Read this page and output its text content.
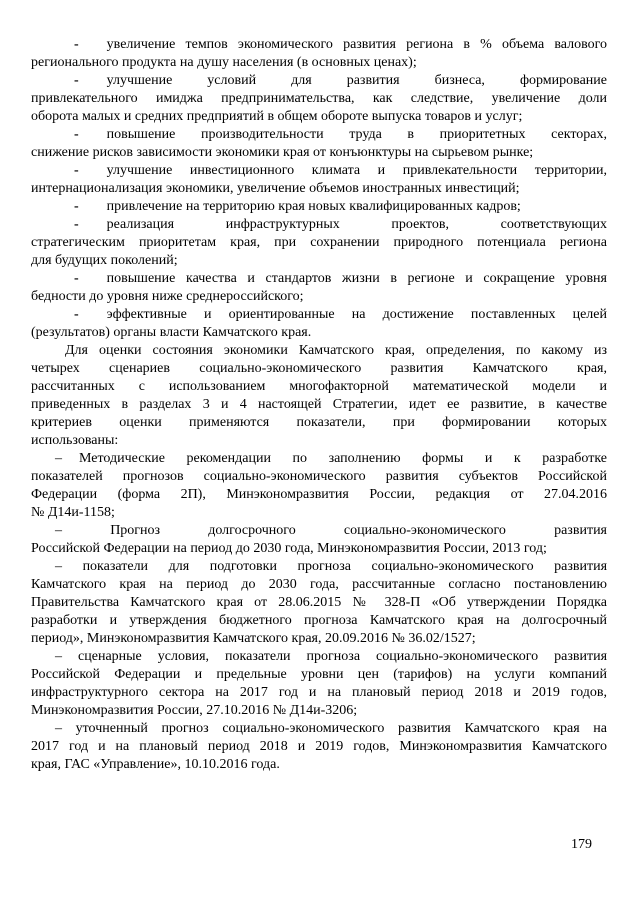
- увеличение темпов экономического развития региона в % объема валового
регионального продукта на душу населения (в основных ценах);
- улучшение условий для развития бизнеса, формирование
привлекательного имиджа предпринимательства, как следствие, увеличение доли
оборота малых и средних предприятий в общем обороте выпуска товаров и услуг;
- повышение производительности труда в приоритетных секторах,
снижение рисков зависимости экономики края от конъюнктуры на сырьевом рынке;
- улучшение инвестиционного климата и привлекательности территории,
интернационализация экономики, увеличение объемов иностранных инвестиций;
- привлечение на территорию края новых квалифицированных кадров;
- реализация инфраструктурных проектов, соответствующих
стратегическим приоритетам края, при сохранении природного потенциала региона
для будущих поколений;
- повышение качества и стандартов жизни в регионе и сокращение уровня
бедности до уровня ниже среднероссийского;
- эффективные и ориентированные на достижение поставленных целей
(результатов) органы власти Камчатского края.
Для оценки состояния экономики Камчатского края, определения, по какому из
четырех сценариев социально-экономического развития Камчатского края,
рассчитанных с использованием многофакторной математической модели и
приведенных в разделах 3 и 4 настоящей Стратегии, идет ее развитие, в качестве
критериев оценки применяются показатели, при формировании которых
использованы:
– Методические рекомендации по заполнению формы и к разработке
показателей прогнозов социально-экономического развития субъектов Российской
Федерации (форма 2П), Минэкономразвития России, редакция от 27.04.2016
№ Д14и-1158;
–	Прогноз долгосрочного социально-экономического развития
Российской Федерации на период до 2030 года, Минэкономразвития России, 2013 год;
– показатели для подготовки прогноза социально-экономического развития
Камчатского края на период до 2030 года, рассчитанные согласно постановлению
Правительства Камчатского края от 28.06.2015 № 328-П «Об утверждении Порядка
разработки и утверждения бюджетного прогноза Камчатского края на долгосрочный
период», Минэкономразвития Камчатского края, 20.09.2016 № 36.02/1527;
– сценарные условия, показатели прогноза социально-экономического развития
Российской Федерации и предельные уровни цен (тарифов) на услуги компаний
инфраструктурного сектора на 2017 год и на плановый период 2018 и 2019 годов,
Минэкономразвития России, 27.10.2016 № Д14и-3206;
– уточненный прогноз социально-экономического развития Камчатского края на
2017 год и на плановый период 2018 и 2019 годов, Минэкономразвития Камчатского
края, ГАС «Управление», 10.10.2016 года.
179
